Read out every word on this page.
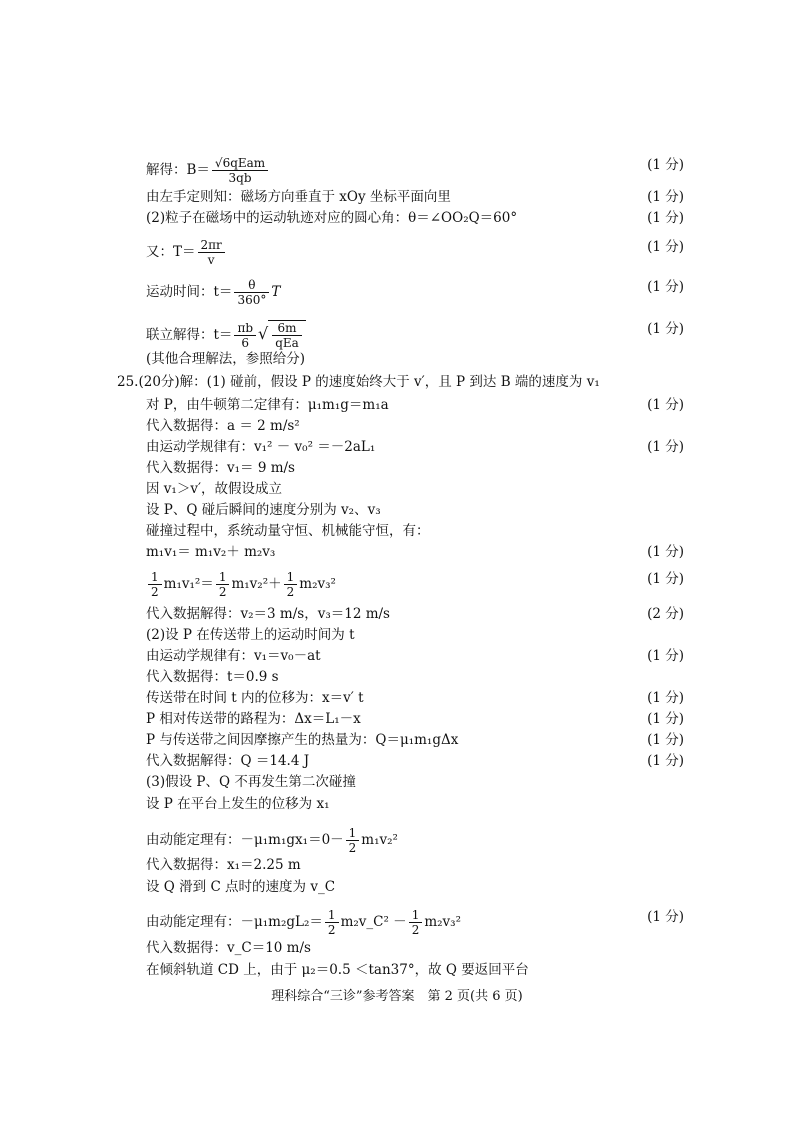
解得：$B= \frac{\text{√6qEam}}{3qb}$	(1 分)
由左手定则知：磁场方向垂直于 xOy 坐标平面向里	(1 分)
(2)粒子在磁场中的运动轨迹对应的圆心角：θ＝∠OO₂Q＝60°	(1 分)
又：$T= \frac{2\pi r}{v}$	(1 分)
运动时间：$t= \frac{\theta}{360^\circ}$ T	(1 分)
联立解得：$t= \frac{\pi b}{6}$ √ $\frac{6m}{\text{qEa}}$	(1 分)
(其他合理解法，参照给分)
25.(20分)解：(1) 碰前，假设 P 的速度始终大于 v′，且 P 到达 B 端的速度为 v₁
对 P，由牛顿第二定律有：μ₁m₁g＝m₁a	(1 分)
代入数据得：a ＝ 2 m/s²
由运动学规律有：v₁² － v₀² ＝－2aL₁	(1 分)
代入数据得：v₁＝ 9 m/s
因 v₁＞v′，故假设成立
设 P、Q 碰后瞬间的速度分别为 v₂、v₃
碰撞过程中，系统动量守恒、机械能守恒，有：
m₁v₁＝ m₁v₂＋ m₂v₃	(1 分)
$\frac{1}{2} m_1v_1^2= \frac{1}{2} m_1v_2^2+ \frac{1}{2} m_2v_3^2$	(1 分)
代入数据解得：v₂＝3 m/s，v₃＝12 m/s	(2 分)
(2)设 P 在传送带上的运动时间为 t
由运动学规律有：v₁＝v₀－at	(1 分)
代入数据得：t＝0.9 s
传送带在时间 t 内的位移为：x＝v′ t	(1 分)
P 相对传送带的路程为：Δx＝L₁－x	(1 分)
P 与传送带之间因摩擦产生的热量为：Q＝μ₁m₁gΔx	(1 分)
代入数据解得：Q ＝14.4 J	(1 分)
(3)假设 P、Q 不再发生第二次碰撞
设 P 在平台上发生的位移为 x₁
由动能定理有：$-\mu_1m_1gx_1=0- \frac{1}{2} m_1v_2^2$
代入数据得：x₁＝2.25 m
设 Q 滑到 C 点时的速度为 v_C
由动能定理有：$-\mu_1m_2gL_2= \frac{1}{2}$ m₂v_C² － $\frac{1}{2} m_2v_3^2$	(1 分)
代入数据得：v_C＝10 m/s
在倾斜轨道 CD 上，由于 μ₂＝0.5 ＜tan37°，故 Q 要返回平台
理科综合“三诊”参考答案　第 2 页(共 6 页)
